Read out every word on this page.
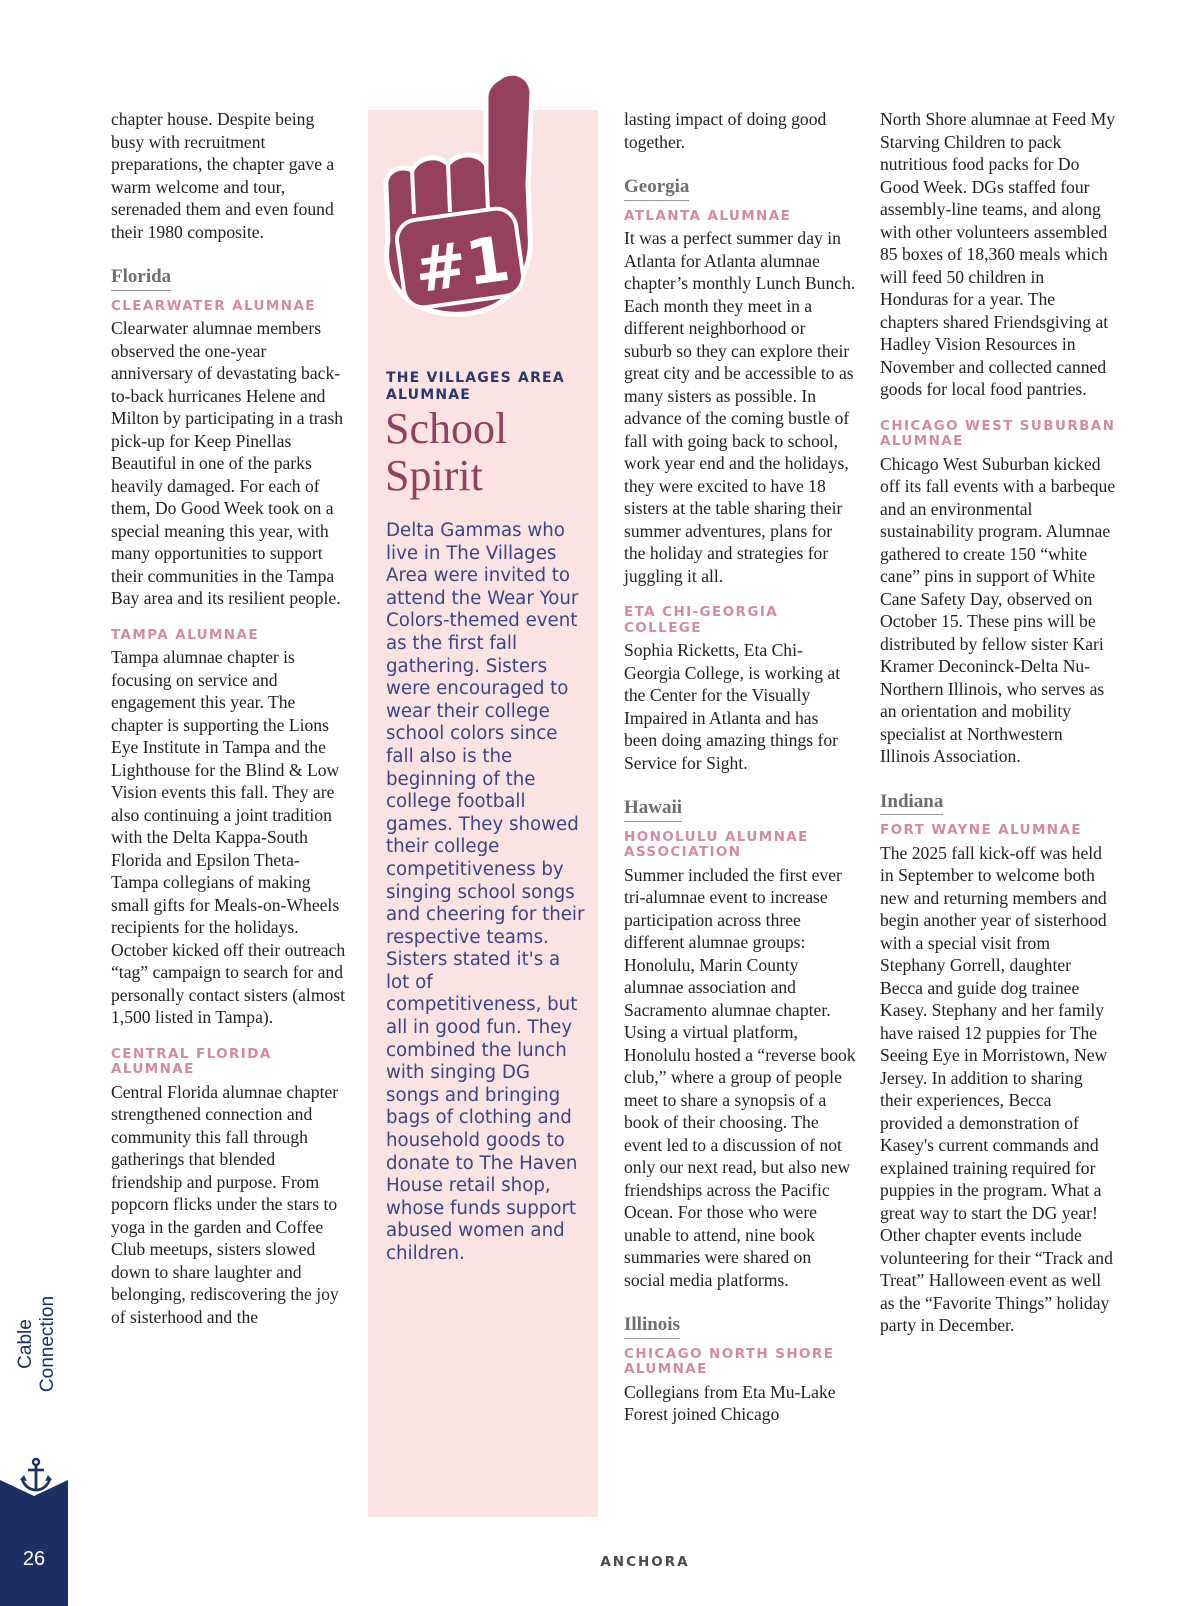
chapter house. Despite being busy with recruitment preparations, the chapter gave a warm welcome and tour, serenaded them and even found their 1980 composite.

Florida
CLEARWATER ALUMNAE

Clearwater alumnae members observed the one-year anniversary of devastating back-to-back hurricanes Helene and Milton by participating in a trash pick-up for Keep Pinellas Beautiful in one of the parks heavily damaged. For each of them, Do Good Week took on a special meaning this year, with many opportunities to support their communities in the Tampa Bay area and its resilient people.

TAMPA ALUMNAE

Tampa alumnae chapter is focusing on service and engagement this year. The chapter is supporting the Lions Eye Institute in Tampa and the Lighthouse for the Blind & Low Vision events this fall. They are also continuing a joint tradition with the Delta Kappa-South Florida and Epsilon Theta-Tampa collegians of making small gifts for Meals-on-Wheels recipients for the holidays. October kicked off their outreach “tag” campaign to search for and personally contact sisters (almost 1,500 listed in Tampa).

CENTRAL FLORIDA ALUMNAE

Central Florida alumnae chapter strengthened connection and community this fall through gatherings that blended friendship and purpose. From popcorn flicks under the stars to yoga in the garden and Coffee Club meetups, sisters slowed down to share laughter and belonging, rediscovering the joy of sisterhood and the

#1
THE VILLAGES AREA ALUMNAE
School
Spirit
Delta Gammas who live in The Villages Area were invited to attend the Wear Your Colors-themed event as the first fall gathering. Sisters were encouraged to wear their college school colors since fall also is the beginning of the college football games. They showed their college competitiveness by singing school songs and cheering for their respective teams. Sisters stated it's a lot of competitiveness, but all in good fun. They combined the lunch with singing DG songs and bringing bags of clothing and household goods to donate to The Haven House retail shop, whose funds support abused women and children.

lasting impact of doing good together.

Georgia
ATLANTA ALUMNAE

It was a perfect summer day in Atlanta for Atlanta alumnae chapter’s monthly Lunch Bunch. Each month they meet in a different neighborhood or suburb so they can explore their great city and be accessible to as many sisters as possible. In advance of the coming bustle of fall with going back to school, work year end and the holidays, they were excited to have 18 sisters at the table sharing their summer adventures, plans for the holiday and strategies for juggling it all.

ETA CHI-GEORGIA COLLEGE

Sophia Ricketts, Eta Chi-Georgia College, is working at the Center for the Visually Impaired in Atlanta and has been doing amazing things for Service for Sight.

Hawaii
HONOLULU ALUMNAE ASSOCIATION

Summer included the first ever tri-alumnae event to increase participation across three different alumnae groups: Honolulu, Marin County alumnae association and Sacramento alumnae chapter. Using a virtual platform, Honolulu hosted a “reverse book club,” where a group of people meet to share a synopsis of a book of their choosing. The event led to a discussion of not only our next read, but also new friendships across the Pacific Ocean. For those who were unable to attend, nine book summaries were shared on social media platforms.

Illinois
CHICAGO NORTH SHORE ALUMNAE

Collegians from Eta Mu-Lake Forest joined Chicago

North Shore alumnae at Feed My Starving Children to pack nutritious food packs for Do Good Week. DGs staffed four assembly-line teams, and along with other volunteers assembled 85 boxes of 18,360 meals which will feed 50 children in Honduras for a year. The chapters shared Friendsgiving at Hadley Vision Resources in November and collected canned goods for local food pantries.

CHICAGO WEST SUBURBAN ALUMNAE

Chicago West Suburban kicked off its fall events with a barbeque and an environmental sustainability program. Alumnae gathered to create 150 “white cane” pins in support of White Cane Safety Day, observed on October 15. These pins will be distributed by fellow sister Kari Kramer Deconinck-Delta Nu-Northern Illinois, who serves as an orientation and mobility specialist at Northwestern Illinois Association.

Indiana
FORT WAYNE ALUMNAE

The 2025 fall kick-off was held in September to welcome both new and returning members and begin another year of sisterhood with a special visit from Stephany Gorrell, daughter Becca and guide dog trainee Kasey. Stephany and her family have raised 12 puppies for The Seeing Eye in Morristown, New Jersey. In addition to sharing their experiences, Becca provided a demonstration of Kasey's current commands and explained training required for puppies in the program. What a great way to start the DG year! Other chapter events include volunteering for their “Track and Treat” Halloween event as well as the “Favorite Things” holiday party in December.

Cable Connection
26	ANCHORA
